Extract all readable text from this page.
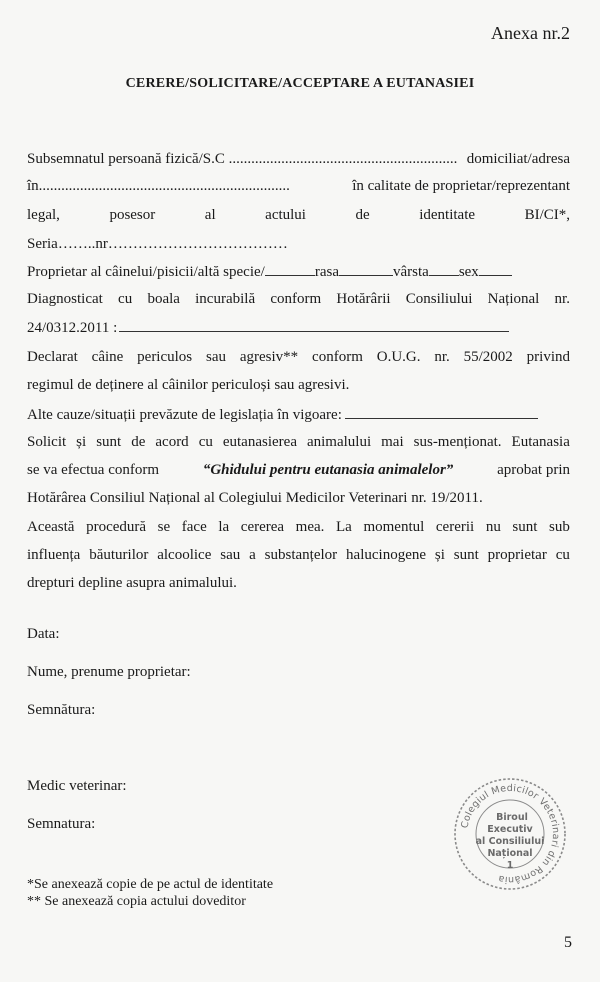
Anexa nr.2
CERERE/SOLICITARE/ACCEPTARE A EUTANASIEI
Subsemnatul persoană fizică/S.C ............................................................. domiciliat/adresa
în...................................................................	în calitate de proprietar/reprezentant
legal,	posesor	al	actului	de	identitate	BI/CI*,
Seria……..nr………………………………
Proprietar al câinelui/pisicii/altă specie/	rasa	vârsta sex
Diagnosticat cu boala incurabilă conform Hotărârii Consiliului Național nr.
24/0312.2011 :
Declarat câine periculos sau agresiv** conform O.U.G. nr. 55/2002 privind
regimul de deținere al câinilor periculoși sau agresivi.
Alte cauze/situații prevăzute de legislația în vigoare:
Solicit și sunt de acord cu eutanasierea animalului mai sus-menționat. Eutanasia
se va efectua conform	“Ghidului pentru eutanasia animalelor”	aprobat prin
Hotărârea Consiliul Național al Colegiului Medicilor Veterinari nr. 19/2011.
Această procedură se face la cererea mea. La momentul cererii nu sunt sub
influența băuturilor alcoolice sau a substanțelor halucinogene și sunt proprietar cu
drepturi depline asupra animalului.
Data:
Nume, prenume proprietar:
Semnătura:
Medic veterinar:
Semnatura:
*Se anexează copie de pe actul de identitate
** Se anexează copia actului doveditor
Colegiul Medicilor Veterinari din România
Biroul
Executiv
al Consiliului
Național
1
5
